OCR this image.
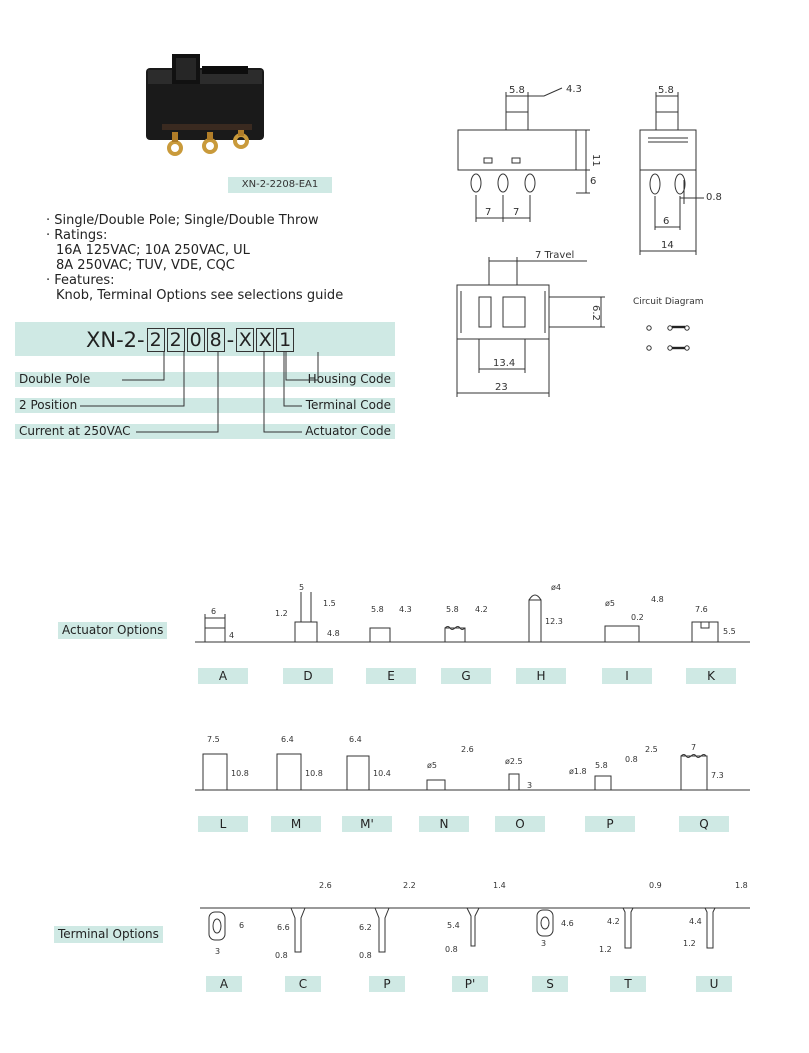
XN-2-2208-EA1
· Single/Double Pole; Single/Double Throw
· Ratings:
16A 125VAC; 10A 250VAC, UL
8A 250VAC; TUV, VDE, CQC
· Features:
Knob, Terminal Options see selections guide
XN-2- 2 2 0 8 - X X 1
Double Pole
2 Position
Current at 250VAC
Housing Code
Terminal Code
Actuator Code
5.8	4.3
11
6
7 7
5.8
0.8
6
14
7 Travel
6.2
13.4
23
Circuit Diagram
Actuator Options
6
4
5
1.2
1.5
4.8
5.8 4.3	5.8 4.2
ø4
12.3
ø5	4.8
0.2
7.6
5.5
A	D	E	G	H	I	K
7.5
10.8
6.4
10.8
6.4
10.4
ø5
2.6
ø2.5
3
ø1.8
5.8
0.8
2.5	7
7.3
L	M	M'	N	O	P	Q
Terminal Options
6
3
2.6
6.6
0.8
2.2
6.2
0.8
1.4
5.4
0.8
4.6
3
0.9
4.2
1.2
1.8
4.4
1.2
A	C	P	P'	S	T	U
